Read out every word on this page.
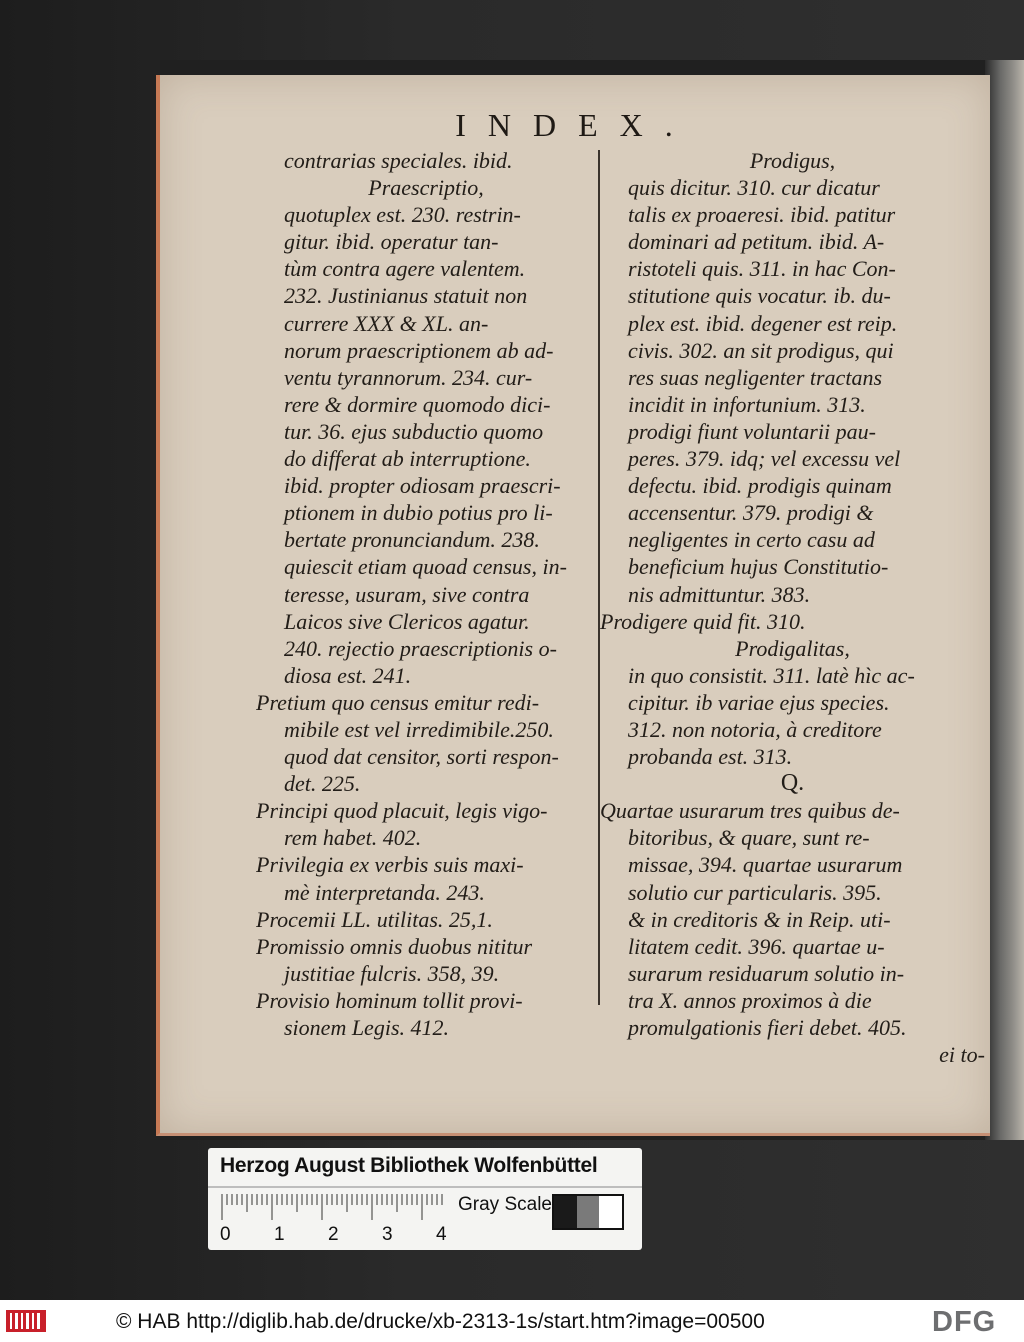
INDEX.
contrarias speciales. ibid.
Praescriptio,
quotuplex est. 230. restrin-
gitur. ibid. operatur tan-
tùm contra agere valentem.
232. Justinianus statuit non
currere XXX & XL. an-
norum praescriptionem ab ad-
ventu tyrannorum. 234. cur-
rere & dormire quomodo dici-
tur. 36. ejus subductio quomo
do differat ab interruptione.
ibid. propter odiosam praescri-
ptionem in dubio potius pro li-
bertate pronunciandum. 238.
quiescit etiam quoad census, in-
teresse, usuram, sive contra
Laicos sive Clericos agatur.
240. rejectio praescriptionis o-
diosa est. 241.
Pretium quo census emitur redi-
mibile est vel irredimibile.250.
quod dat censitor, sorti respon-
det. 225.
Principi quod placuit, legis vigo-
rem habet. 402.
Privilegia ex verbis suis maxi-
mè interpretanda. 243.
Procemii LL. utilitas. 25,1.
Promissio omnis duobus nititur
justitiae fulcris. 358, 39.
Provisio hominum tollit provi-
sionem Legis. 412.
Prodigus,
quis dicitur. 310. cur dicatur
talis ex proaeresi. ibid. patitur
dominari ad petitum. ibid. A-
ristoteli quis. 311. in hac Con-
stitutione quis vocatur. ib. du-
plex est. ibid. degener est reip.
civis. 302. an sit prodigus, qui
res suas negligenter tractans
incidit in infortunium. 313.
prodigi fiunt voluntarii pau-
peres. 379. idq; vel excessu vel
defectu. ibid. prodigis quinam
accensentur. 379. prodigi &
negligentes in certo casu ad
beneficium hujus Constitutio-
nis admittuntur. 383.
Prodigere quid fit. 310.
Prodigalitas,
in quo consistit. 311. latè hìc ac-
cipitur. ib variae ejus species.
312. non notoria, à creditore
probanda est. 313.
Q.
Quartae usurarum tres quibus de-
bitoribus, & quare, sunt re-
missae, 394. quartae usurarum
solutio cur particularis. 395.
& in creditoris & in Reip. uti-
litatem cedit. 396. quartae u-
surarum residuarum solutio in-
tra X. annos proximos à die
promulgationis fieri debet. 405.
ei to-
Herzog August Bibliothek Wolfenbüttel
0 1 2 3 4
Gray Scale
© HAB http://diglib.hab.de/drucke/xb-2313-1s/start.htm?image=00500	DFG
